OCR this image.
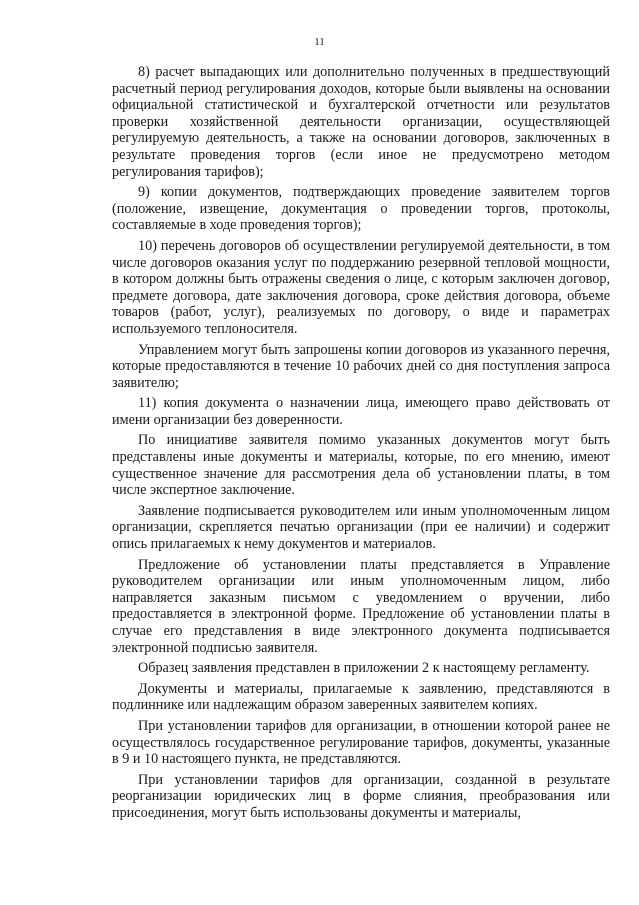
11

8) расчет выпадающих или дополнительно полученных в предшествующий расчетный период регулирования доходов, которые были выявлены на основании официальной статистической и бухгалтерской отчетности или результатов проверки хозяйственной деятельности организации, осуществляющей регулируемую деятельность, а также на основании договоров, заключенных в результате проведения торгов (если иное не предусмотрено методом регулирования тарифов);

9) копии документов, подтверждающих проведение заявителем торгов (положение, извещение, документация о проведении торгов, протоколы, составляемые в ходе проведения торгов);

10) перечень договоров об осуществлении регулируемой деятельности, в том числе договоров оказания услуг по поддержанию резервной тепловой мощности, в котором должны быть отражены сведения о лице, с которым заключен договор, предмете договора, дате заключения договора, сроке действия договора, объеме товаров (работ, услуг), реализуемых по договору, о виде и параметрах используемого теплоносителя.

Управлением могут быть запрошены копии договоров из указанного перечня, которые предоставляются в течение 10 рабочих дней со дня поступления запроса заявителю;

11) копия документа о назначении лица, имеющего право действовать от имени организации без доверенности.

По инициативе заявителя помимо указанных документов могут быть представлены иные документы и материалы, которые, по его мнению, имеют существенное значение для рассмотрения дела об установлении платы, в том числе экспертное заключение.

Заявление подписывается руководителем или иным уполномоченным лицом организации, скрепляется печатью организации (при ее наличии) и содержит опись прилагаемых к нему документов и материалов.

Предложение об установлении платы представляется в Управление руководителем организации или иным уполномоченным лицом, либо направляется заказным письмом с уведомлением о вручении, либо предоставляется в электронной форме. Предложение об установлении платы в случае его представления в виде электронного документа подписывается электронной подписью заявителя.

Образец заявления представлен в приложении 2 к настоящему регламенту.

Документы и материалы, прилагаемые к заявлению, представляются в подлиннике или надлежащим образом заверенных заявителем копиях.

При установлении тарифов для организации, в отношении которой ранее не осуществлялось государственное регулирование тарифов, документы, указанные в 9 и 10 настоящего пункта, не представляются.

При установлении тарифов для организации, созданной в результате реорганизации юридических лиц в форме слияния, преобразования или присоединения, могут быть использованы документы и материалы,
